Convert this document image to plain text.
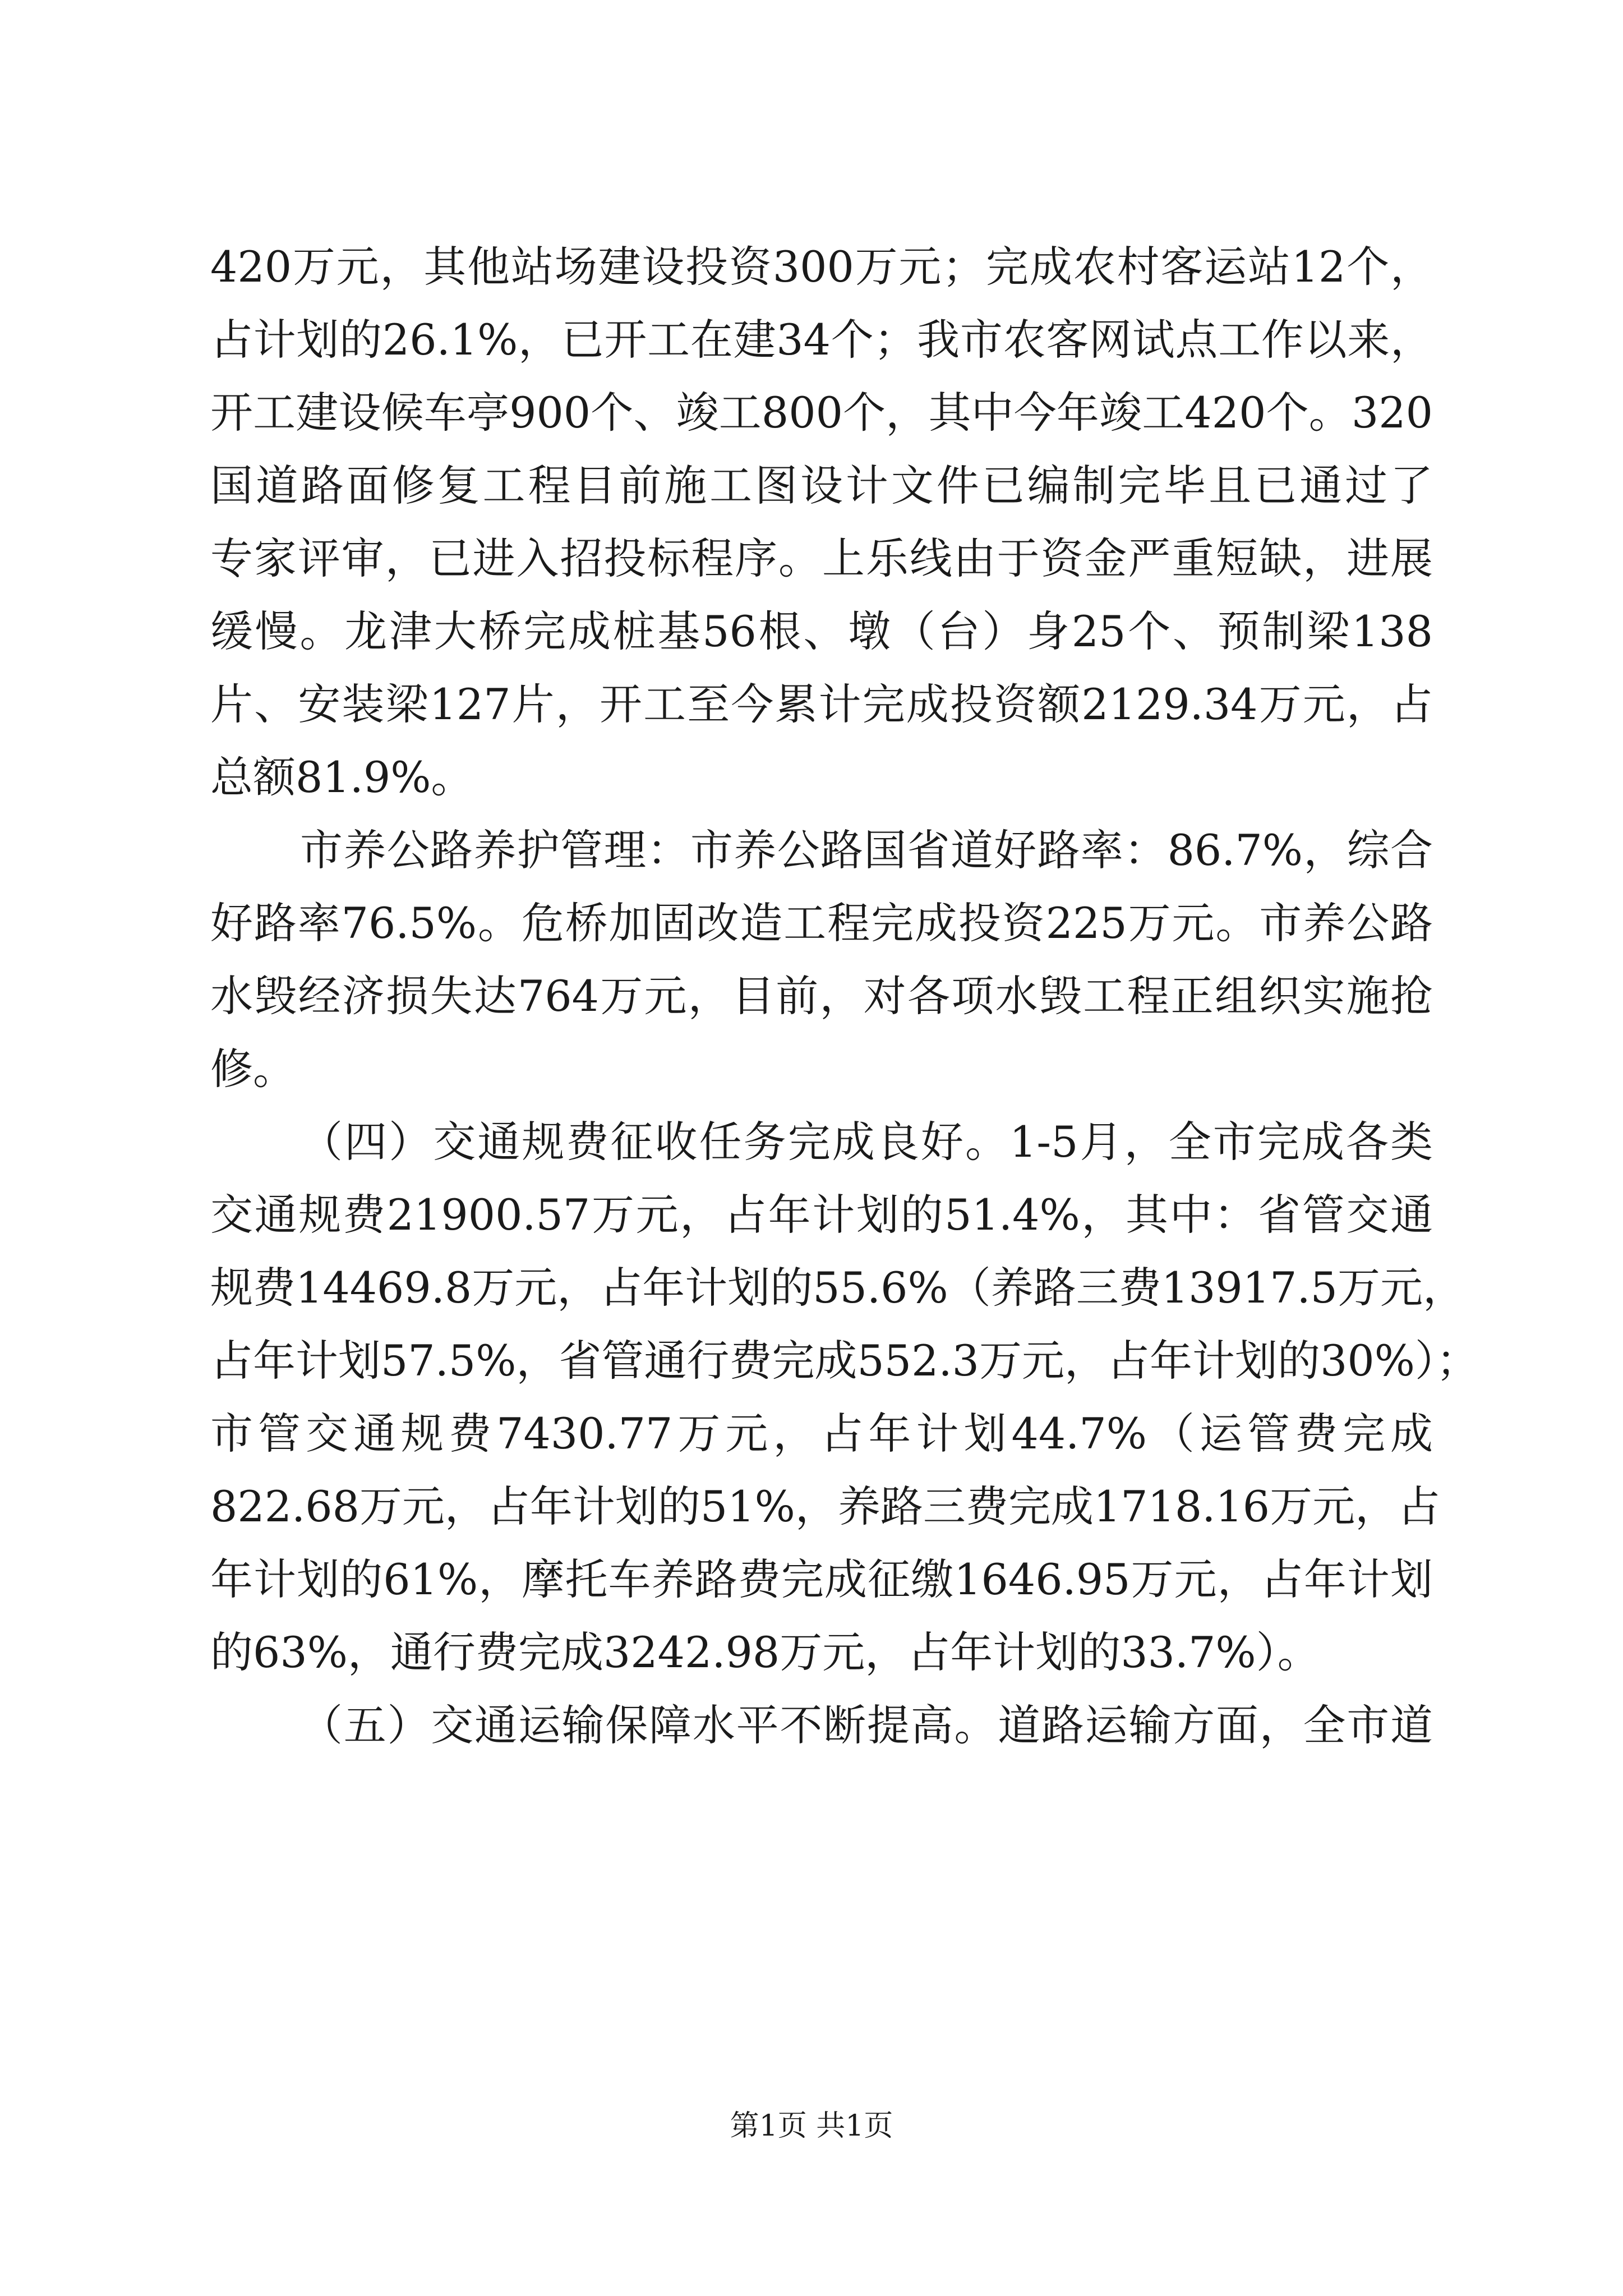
420万元，其他站场建设投资300万元；完成农村客运站12个，
占计划的26.1%，已开工在建34个；我市农客网试点工作以来，
开工建设候车亭900个、竣工800个，其中今年竣工420个。320
国道路面修复工程目前施工图设计文件已编制完毕且已通过了
专家评审，已进入招投标程序。上乐线由于资金严重短缺，进展
缓慢。龙津大桥完成桩基56根、墩（台）身25个、预制梁138
片、安装梁127片，开工至今累计完成投资额2129.34万元，占
总额81.9%。
市养公路养护管理：市养公路国省道好路率：86.7%，综合
好路率76.5%。危桥加固改造工程完成投资225万元。市养公路
水毁经济损失达764万元，目前，对各项水毁工程正组织实施抢
修。
（四）交通规费征收任务完成良好。1-5月，全市完成各类
交通规费21900.57万元，占年计划的51.4%，其中：省管交通
规费14469.8万元，占年计划的55.6%（养路三费13917.5万元，
占年计划57.5%，省管通行费完成552.3万元，占年计划的30%）；
市管交通规费7430.77万元，占年计划44.7%（运管费完成
822.68万元，占年计划的51%，养路三费完成1718.16万元，占
年计划的61%，摩托车养路费完成征缴1646.95万元，占年计划
的63%，通行费完成3242.98万元，占年计划的33.7%）。
（五）交通运输保障水平不断提高。道路运输方面，全市道
第1页 共1页
